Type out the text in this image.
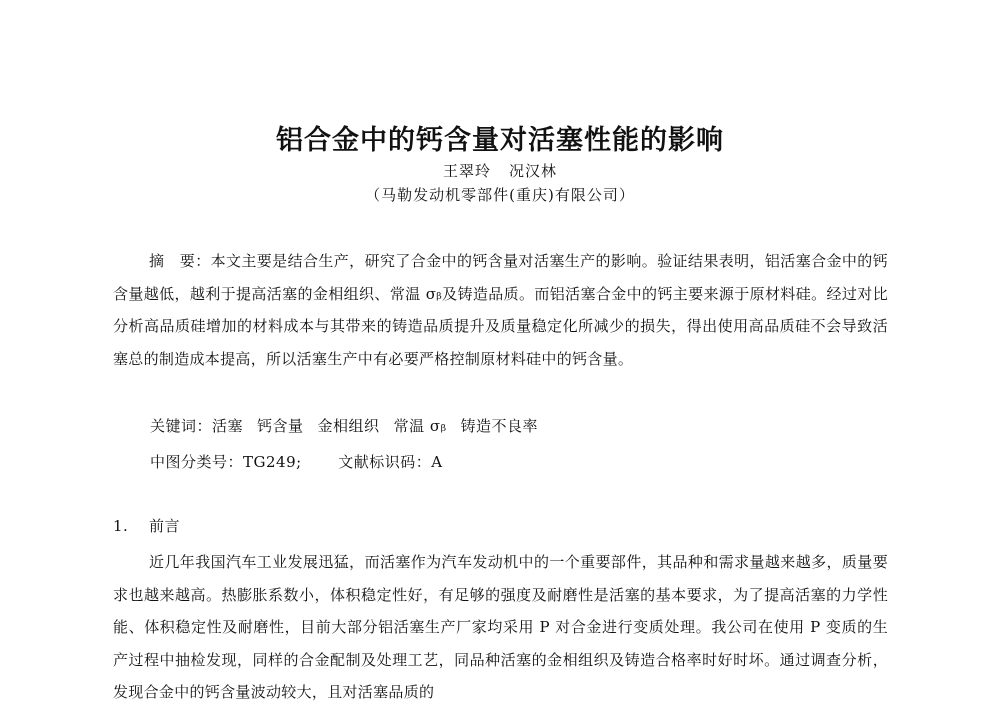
铝合金中的钙含量对活塞性能的影响
王翠玲 况汉林
（马勒发动机零部件(重庆)有限公司）

摘　要：本文主要是结合生产，研究了合金中的钙含量对活塞生产的影响。验证结果表明，铝活塞合金中的钙含量越低，越利于提高活塞的金相组织、常温 σᵦ及铸造品质。而铝活塞合金中的钙主要来源于原材料硅。经过对比分析高品质硅增加的材料成本与其带来的铸造品质提升及质量稳定化所减少的损失，得出使用高品质硅不会导致活塞总的制造成本提高，所以活塞生产中有必要严格控制原材料硅中的钙含量。

关键词：活塞 钙含量 金相组织 常温 σᵦ 铸造不良率
中图分类号：TG249; 文献标识码：A
1. 前言

近几年我国汽车工业发展迅猛，而活塞作为汽车发动机中的一个重要部件，其品种和需求量越来越多，质量要求也越来越高。热膨胀系数小，体积稳定性好，有足够的强度及耐磨性是活塞的基本要求，为了提高活塞的力学性能、体积稳定性及耐磨性，目前大部分铝活塞生产厂家均采用 P 对合金进行变质处理。我公司在使用 P 变质的生产过程中抽检发现，同样的合金配制及处理工艺，同品种活塞的金相组织及铸造合格率时好时坏。通过调查分析，发现合金中的钙含量波动较大，且对活塞品质的
